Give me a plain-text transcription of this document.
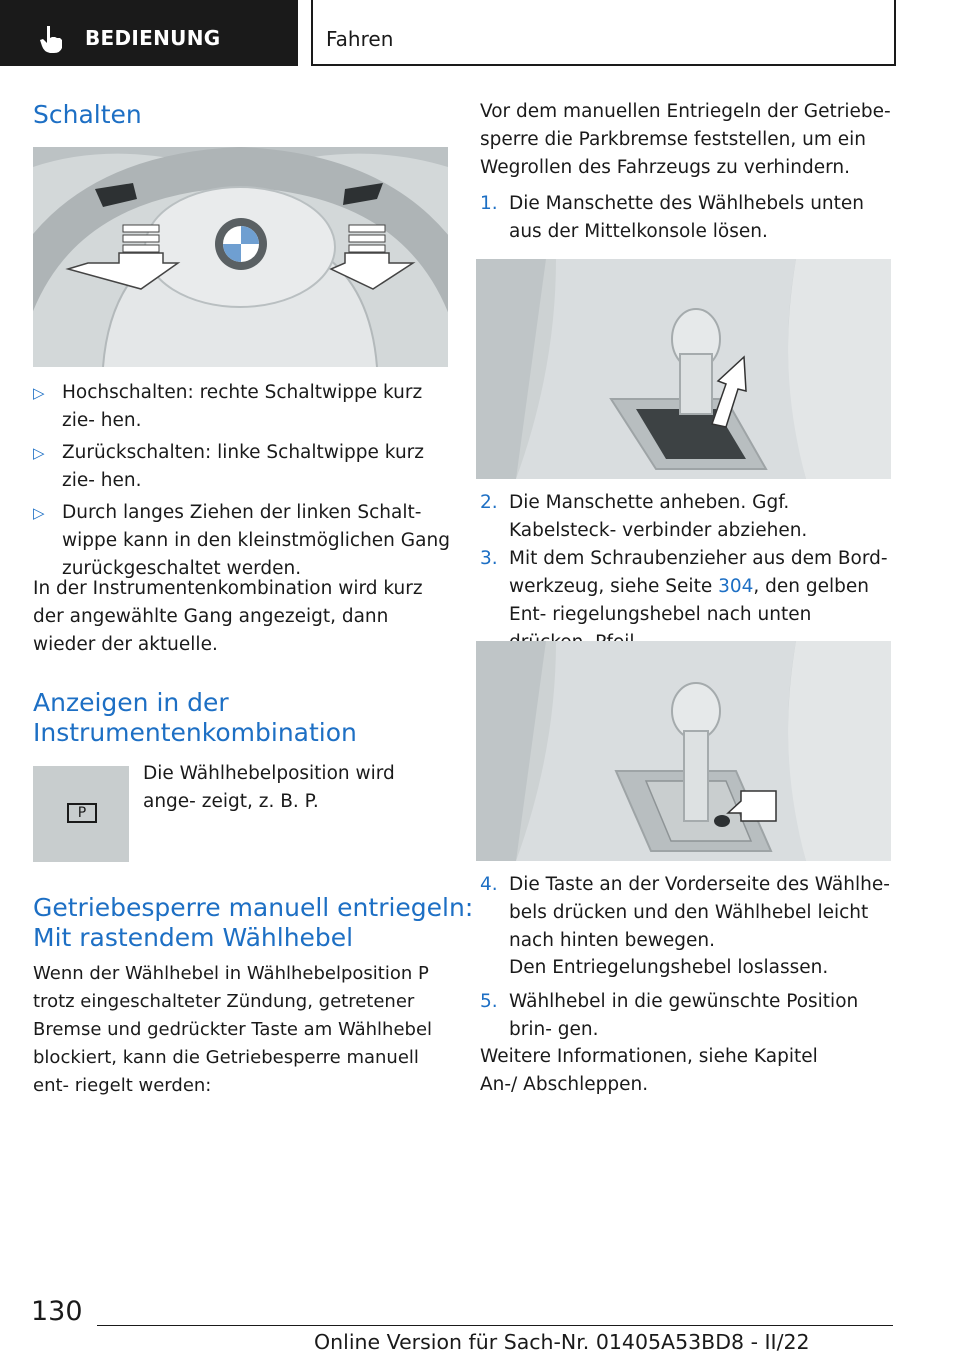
BEDIENUNG	Fahren
Schalten
▷ Hochschalten: rechte Schaltwippe kurz zie‐ hen.
▷ Zurückschalten: linke Schaltwippe kurz zie‐ hen.
▷ Durch langes Ziehen der linken Schalt‐ wippe kann in den kleinstmöglichen Gang zurückgeschaltet werden.
In der Instrumentenkombination wird kurz der angewählte Gang angezeigt, dann wieder der aktuelle.
Anzeigen in der
Instrumentenkombination
P
Die Wählhebelposition wird ange‐ zeigt, z. B. P.
Getriebesperre manuell entriegeln:
Mit rastendem Wählhebel
Wenn der Wählhebel in Wählhebelposition P trotz eingeschalteter Zündung, getretener Bremse und gedrückter Taste am Wählhebel blockiert, kann die Getriebesperre manuell ent‐ riegelt werden:
Vor dem manuellen Entriegeln der Getriebe‐ sperre die Parkbremse feststellen, um ein Wegrollen des Fahrzeugs zu verhindern.
1. Die Manschette des Wählhebels unten aus der Mittelkonsole lösen.
2. Die Manschette anheben. Ggf. Kabelsteck‐ verbinder abziehen.
3. Mit dem Schraubenzieher aus dem Bord‐ werkzeug, siehe Seite 304, den gelben Ent‐ riegelungshebel nach unten
4. Die Taste an der Vorderseite des Wählhe‐ bels drücken und den Wählhebel leicht nach hinten bewegen.
Den Entriegelungshebel loslassen.
5. Wählhebel in die gewünschte Position brin‐ gen.
Weitere Informationen, siehe Kapitel An-/ Abschleppen.
130
Online Version für Sach-Nr. 01405A53BD8 - II/22
